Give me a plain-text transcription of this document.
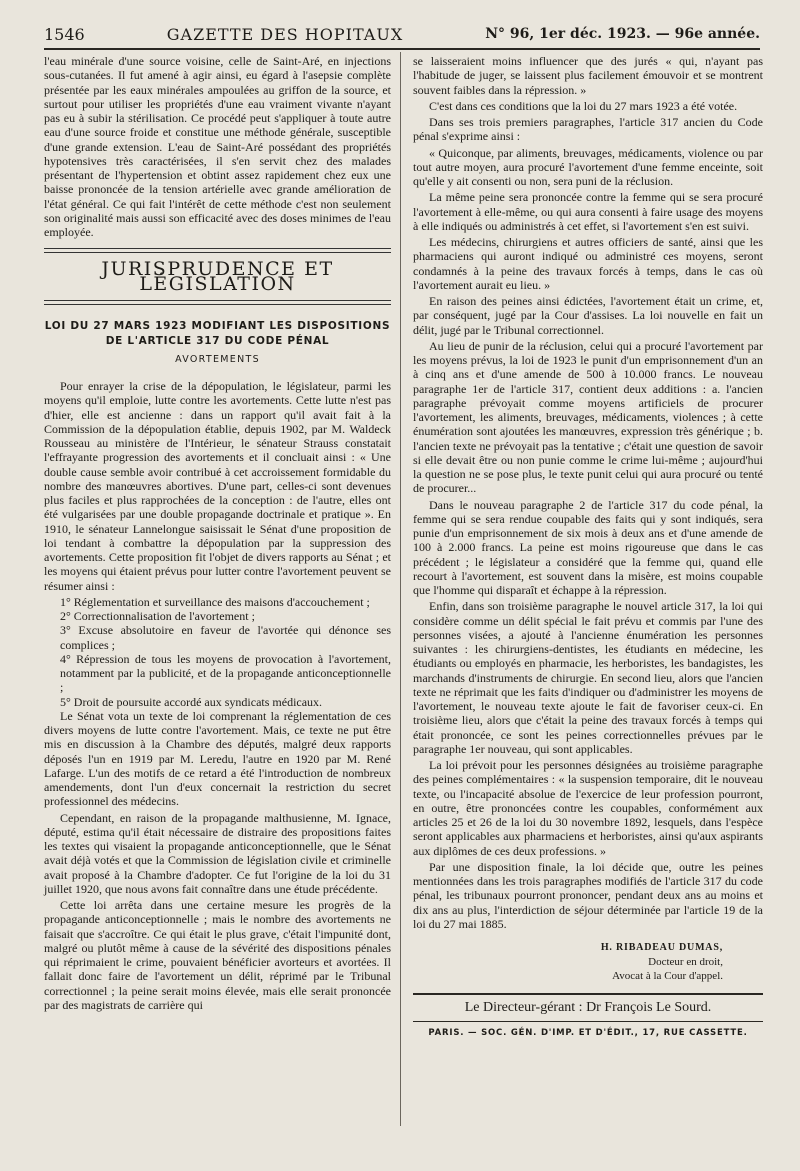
1546	GAZETTE DES HOPITAUX	N° 96, 1er déc. 1923. — 96e année.

l'eau minérale d'une source voisine, celle de Saint-Aré, en injections sous-cutanées. Il fut amené à agir ainsi, eu égard à l'asepsie complète présentée par les eaux minérales ampoulées au griffon de la source, et surtout pour utiliser les propriétés d'une eau vraiment vivante n'ayant pas eu à subir la stérilisation. Ce procédé peut s'appliquer à toute autre eau d'une source froide et constitue une méthode générale, susceptible d'une grande extension. L'eau de Saint-Aré possédant des propriétés hypotensives très caractérisées, il s'en servit chez des malades présentant de l'hypertension et obtint assez rapidement chez eux une baisse prononcée de la tension artérielle avec grande amélioration de l'état général. Ce qui fait l'intérêt de cette méthode c'est non seulement son originalité mais aussi son efficacité avec des doses minimes de l'eau employée.

JURISPRUDENCE ET LÉGISLATION
LOI DU 27 MARS 1923 MODIFIANT LES DISPOSITIONS DE L'ARTICLE 317 DU CODE PÉNAL
AVORTEMENTS

Pour enrayer la crise de la dépopulation, le législateur, parmi les moyens qu'il emploie, lutte contre les avortements. Cette lutte n'est pas d'hier, elle est ancienne : dans un rapport qu'il avait fait à la Commission de la dépopulation établie, depuis 1902, par M. Waldeck Rousseau au ministère de l'Intérieur, le sénateur Strauss constatait l'effrayante progression des avortements et il concluait ainsi : « Une double cause semble avoir contribué à cet accroissement formidable du nombre des manœuvres abortives. D'une part, celles-ci sont devenues plus faciles et plus rapprochées de la conception : de l'autre, elles ont été vulgarisées par une double propagande doctrinale et pratique ». En 1910, le sénateur Lannelongue saisissait le Sénat d'une proposition de loi tendant à combattre la dépopulation par la suppression des avortements. Cette proposition fit l'objet de divers rapports au Sénat ; et les moyens qui étaient prévus pour lutter contre l'avortement peuvent se résumer ainsi :

1° Réglementation et surveillance des maisons d'accouchement ;

2° Correctionnalisation de l'avortement ;

3° Excuse absolutoire en faveur de l'avortée qui dénonce ses complices ;

4° Répression de tous les moyens de provocation à l'avortement, notamment par la publicité, et de la propagande anticonceptionnelle ;

5° Droit de poursuite accordé aux syndicats médicaux.

Le Sénat vota un texte de loi comprenant la réglementation de ces divers moyens de lutte contre l'avortement. Mais, ce texte ne put être mis en discussion à la Chambre des députés, malgré deux rapports déposés l'un en 1919 par M. Leredu, l'autre en 1920 par M. René Lafarge. L'un des motifs de ce retard a été l'introduction de nombreux amendements, dont l'un d'eux concernait la restriction du secret professionnel des médecins.

Cependant, en raison de la propagande malthusienne, M. Ignace, député, estima qu'il était nécessaire de distraire des propositions faites les textes qui visaient la propagande anticonceptionnelle, que le Sénat avait déjà votés et que la Commission de législation civile et criminelle avait proposé à la Chambre d'adopter. Ce fut l'origine de la loi du 31 juillet 1920, que nous avons fait connaître dans une étude précédente.

Cette loi arrêta dans une certaine mesure les progrès de la propagande anticonceptionnelle ; mais le nombre des avortements ne faisait que s'accroître. Ce qui était le plus grave, c'était l'impunité dont, malgré ou plutôt même à cause de la sévérité des dispositions pénales qui réprimaient le crime, pouvaient bénéficier avorteurs et avortées. Il fallait donc faire de l'avortement un délit, réprimé par le Tribunal correctionnel ; la peine serait moins élevée, mais elle serait prononcée par des magistrats de carrière qui

se laisseraient moins influencer que des jurés « qui, n'ayant pas l'habitude de juger, se laissent plus facilement émouvoir et se montrent souvent faibles dans la répression. »

C'est dans ces conditions que la loi du 27 mars 1923 a été votée.

Dans ses trois premiers paragraphes, l'article 317 ancien du Code pénal s'exprime ainsi :

« Quiconque, par aliments, breuvages, médicaments, violence ou par tout autre moyen, aura procuré l'avortement d'une femme enceinte, soit qu'elle y ait consenti ou non, sera puni de la réclusion.

La même peine sera prononcée contre la femme qui se sera procuré l'avortement à elle-même, ou qui aura consenti à faire usage des moyens à elle indiqués ou administrés à cet effet, si l'avortement s'en est suivi.

Les médecins, chirurgiens et autres officiers de santé, ainsi que les pharmaciens qui auront indiqué ou administré ces moyens, seront condamnés à la peine des travaux forcés à temps, dans le cas où l'avortement aurait eu lieu. »

En raison des peines ainsi édictées, l'avortement était un crime, et, par conséquent, jugé par la Cour d'assises. La loi nouvelle en fait un délit, jugé par le Tribunal correctionnel.

Au lieu de punir de la réclusion, celui qui a procuré l'avortement par les moyens prévus, la loi de 1923 le punit d'un emprisonnement d'un an à cinq ans et d'une amende de 500 à 10.000 francs. Le nouveau paragraphe 1er de l'article 317, contient deux additions : a. l'ancien paragraphe prévoyait comme moyens artificiels de procurer l'avortement, les aliments, breuvages, médicaments, violences ; à cette énumération sont ajoutées les manœuvres, expression très générique ; b. l'ancien texte ne prévoyait pas la tentative ; c'était une question de savoir si elle devait être ou non punie comme le crime lui-même ; aujourd'hui la question ne se pose plus, le texte punit celui qui aura procuré ou tenté de procurer...

Dans le nouveau paragraphe 2 de l'article 317 du code pénal, la femme qui se sera rendue coupable des faits qui y sont indiqués, sera punie d'un emprisonnement de six mois à deux ans et d'une amende de 100 à 2.000 francs. La peine est moins rigoureuse que dans le cas précédent ; le législateur a considéré que la femme qui, quand elle recourt à l'avortement, est souvent dans la misère, est moins coupable que l'homme qui disparaît et échappe à la répression.

Enfin, dans son troisième paragraphe le nouvel article 317, la loi qui considère comme un délit spécial le fait prévu et commis par l'une des personnes visées, a ajouté à l'ancienne énumération les personnes suivantes : les chirurgiens-dentistes, les étudiants en médecine, les étudiants ou employés en pharmacie, les herboristes, les bandagistes, les marchands d'instruments de chirurgie. En second lieu, alors que l'ancien texte ne réprimait que les faits d'indiquer ou d'administrer les moyens de l'avortement, le nouveau texte ajoute le fait de favoriser ceux-ci. En troisième lieu, alors que c'était la peine des travaux forcés à temps qui était prononcée, ce sont les peines correctionnelles prévues par le paragraphe 1er nouveau, qui sont applicables.

La loi prévoit pour les personnes désignées au troisième paragraphe des peines complémentaires : « la suspension temporaire, dit le nouveau texte, ou l'incapacité absolue de l'exercice de leur profession pourront, en outre, être prononcées contre les coupables, conformément aux articles 25 et 26 de la loi du 30 novembre 1892, lesquels, dans l'espèce seront applicables aux pharmaciens et herboristes, ainsi qu'aux aspirants aux diplômes de ces deux professions. »

Par une disposition finale, la loi décide que, outre les peines mentionnées dans les trois paragraphes modifiés de l'article 317 du code pénal, les tribunaux pourront prononcer, pendant deux ans au moins et dix ans au plus, l'interdiction de séjour déterminée par l'article 19 de la loi du 27 mai 1885.

H. RIBADEAU DUMAS,
Docteur en droit,
Avocat à la Cour d'appel.
Le Directeur-gérant : Dr François Le Sourd.
PARIS. — SOC. GÉN. D'IMP. ET D'ÉDIT., 17, RUE CASSETTE.
